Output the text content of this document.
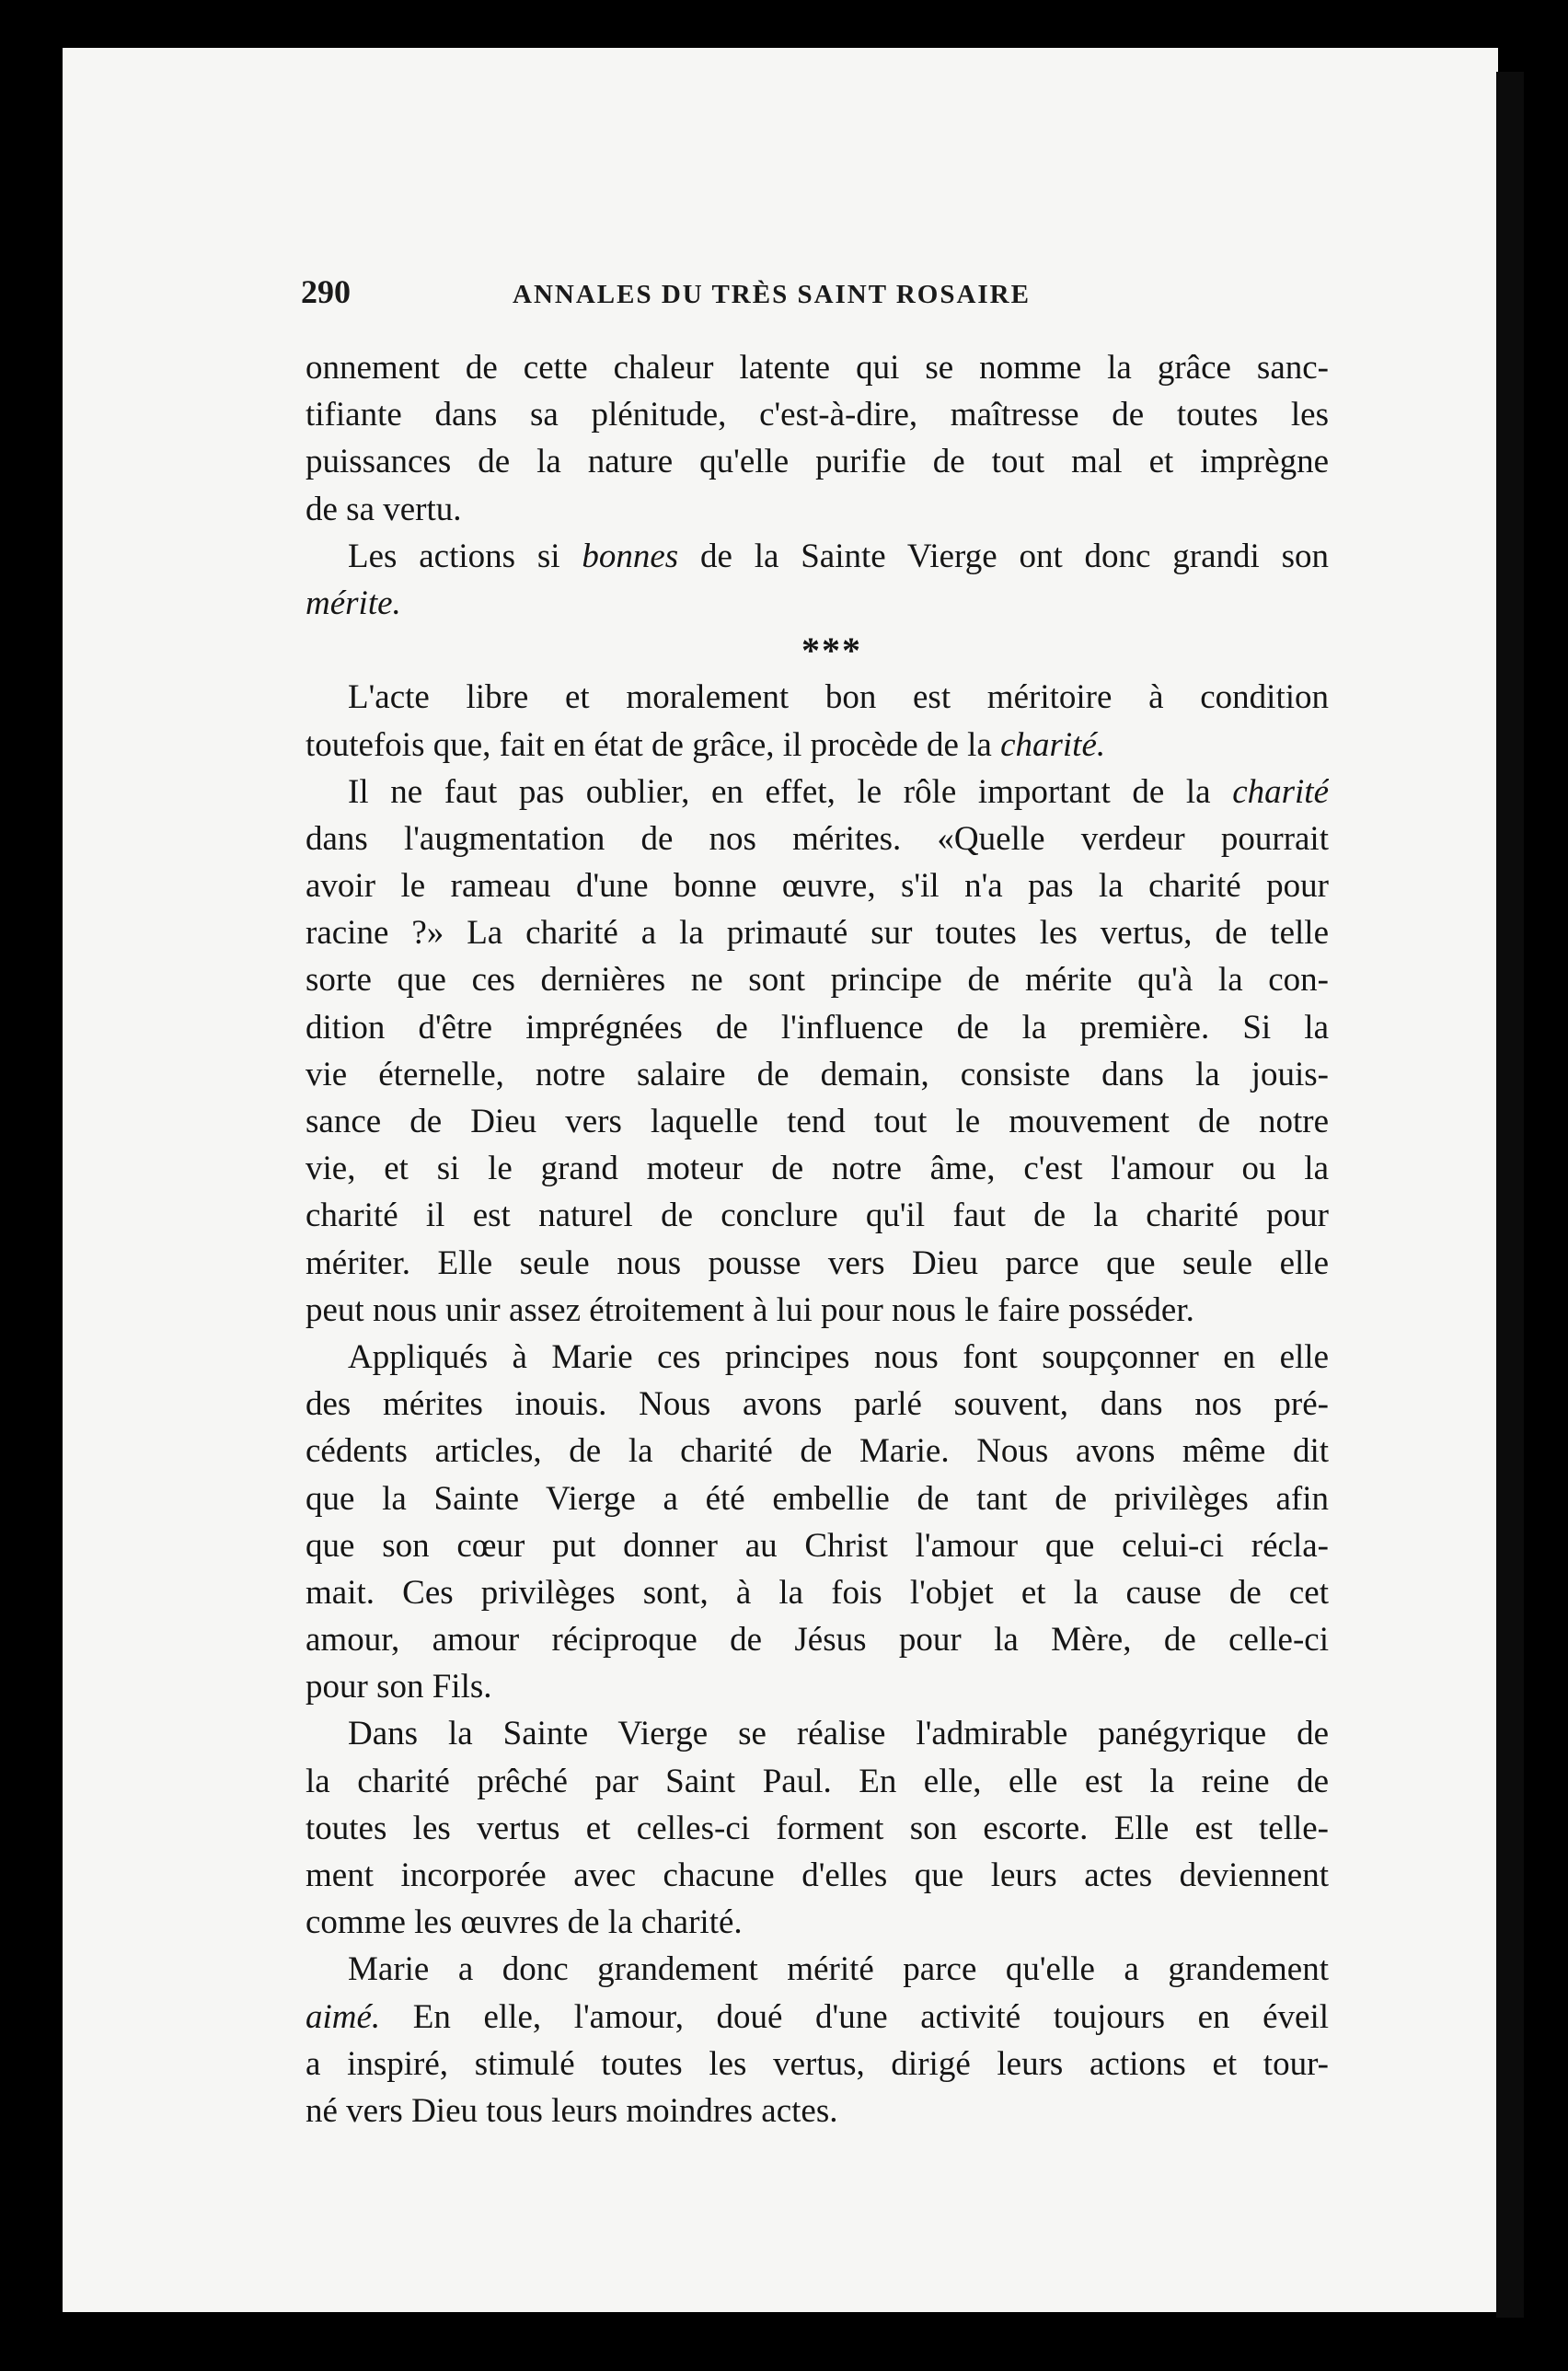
290	ANNALES DU TRÈS SAINT ROSAIRE
onnement de cette chaleur latente qui se nomme la grâce sanc-
tifiante dans sa plénitude, c'est-à-dire, maîtresse de toutes les
puissances de la nature qu'elle purifie de tout mal et imprègne
de sa vertu.
Les actions si bonnes de la Sainte Vierge ont donc grandi son
mérite.
***
L'acte libre et moralement bon est méritoire à condition
toutefois que, fait en état de grâce, il procède de la charité.
Il ne faut pas oublier, en effet, le rôle important de la charité
dans l'augmentation de nos mérites. «Quelle verdeur pourrait
avoir le rameau d'une bonne œuvre, s'il n'a pas la charité pour
racine ?» La charité a la primauté sur toutes les vertus, de telle
sorte que ces dernières ne sont principe de mérite qu'à la con-
dition d'être imprégnées de l'influence de la première. Si la
vie éternelle, notre salaire de demain, consiste dans la jouis-
sance de Dieu vers laquelle tend tout le mouvement de notre
vie, et si le grand moteur de notre âme, c'est l'amour ou la
charité il est naturel de conclure qu'il faut de la charité pour
mériter. Elle seule nous pousse vers Dieu parce que seule elle
peut nous unir assez étroitement à lui pour nous le faire posséder.
Appliqués à Marie ces principes nous font soupçonner en elle
des mérites inouis. Nous avons parlé souvent, dans nos pré-
cédents articles, de la charité de Marie. Nous avons même dit
que la Sainte Vierge a été embellie de tant de privilèges afin
que son cœur put donner au Christ l'amour que celui-ci récla-
mait. Ces privilèges sont, à la fois l'objet et la cause de cet
amour, amour réciproque de Jésus pour la Mère, de celle-ci
pour son Fils.
Dans la Sainte Vierge se réalise l'admirable panégyrique de
la charité prêché par Saint Paul. En elle, elle est la reine de
toutes les vertus et celles-ci forment son escorte. Elle est telle-
ment incorporée avec chacune d'elles que leurs actes deviennent
comme les œuvres de la charité.
Marie a donc grandement mérité parce qu'elle a grandement
aimé. En elle, l'amour, doué d'une activité toujours en éveil
a inspiré, stimulé toutes les vertus, dirigé leurs actions et tour-
né vers Dieu tous leurs moindres actes.
